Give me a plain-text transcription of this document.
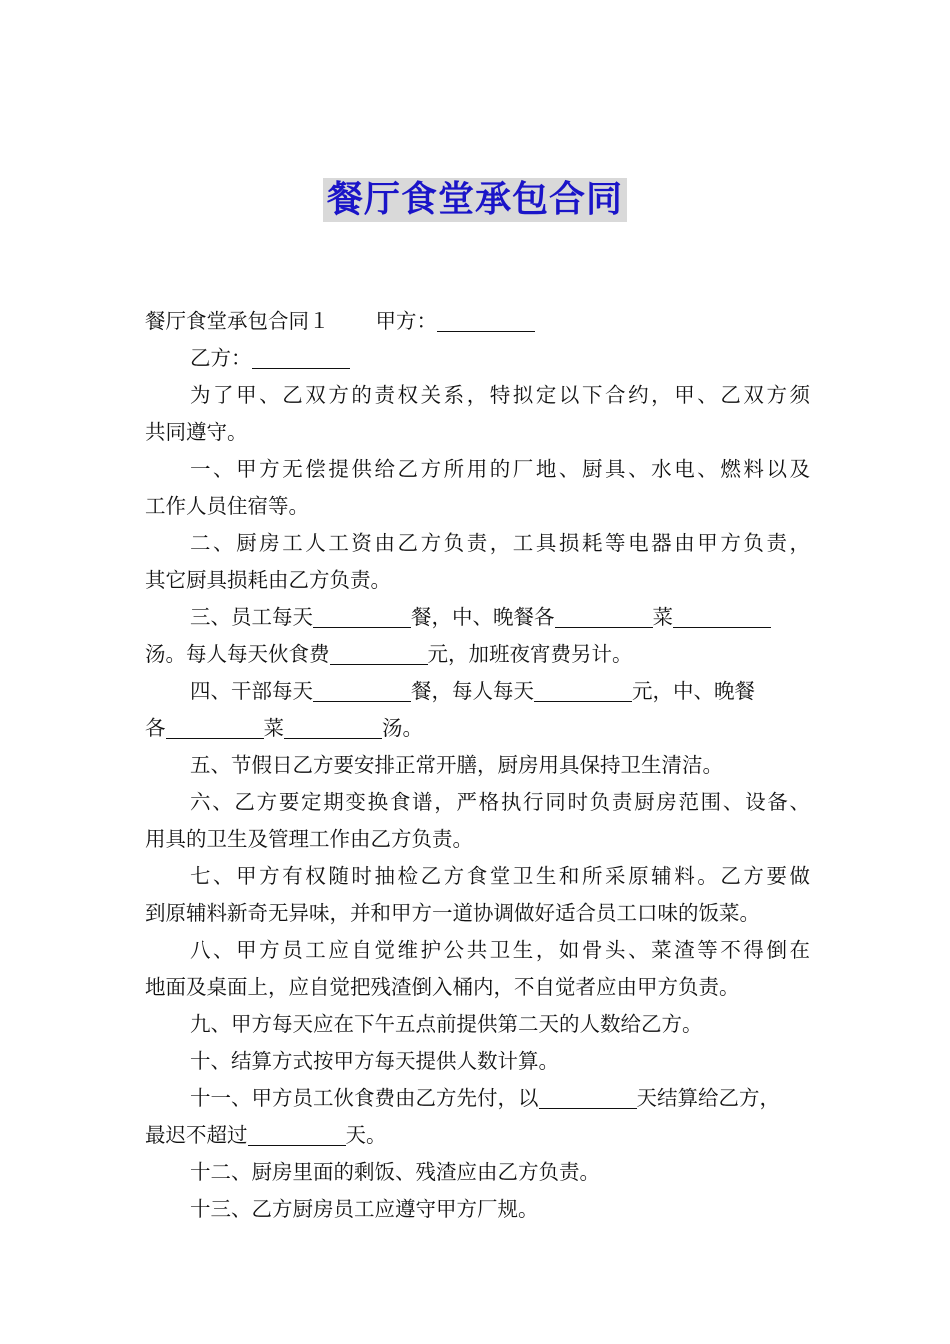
餐厅食堂承包合同
餐厅食堂承包合同１ 甲方：
乙方：
为了甲、乙双方的责权关系，特拟定以下合约，甲、乙双方须
共同遵守。
一、甲方无偿提供给乙方所用的厂地、厨具、水电、燃料以及
工作人员住宿等。
二、厨房工人工资由乙方负责，工具损耗等电器由甲方负责，
其它厨具损耗由乙方负责。
三、员工每天	餐，中、晚餐各	菜
汤。每人每天伙食费	元，加班夜宵费另计。
四、干部每天	餐，每人每天	元，中、晚餐
各	菜	汤。
五、节假日乙方要安排正常开膳，厨房用具保持卫生清洁。
六、乙方要定期变换食谱，严格执行同时负责厨房范围、设备、
用具的卫生及管理工作由乙方负责。
七、甲方有权随时抽检乙方食堂卫生和所采原辅料。乙方要做
到原辅料新奇无异味，并和甲方一道协调做好适合员工口味的饭菜。
八、甲方员工应自觉维护公共卫生，如骨头、菜渣等不得倒在
地面及桌面上，应自觉把残渣倒入桶内，不自觉者应由甲方负责。
九、甲方每天应在下午五点前提供第二天的人数给乙方。
十、结算方式按甲方每天提供人数计算。
十一、甲方员工伙食费由乙方先付，以	天结算给乙方，
最迟不超过	天。
十二、厨房里面的剩饭、残渣应由乙方负责。
十三、乙方厨房员工应遵守甲方厂规。
